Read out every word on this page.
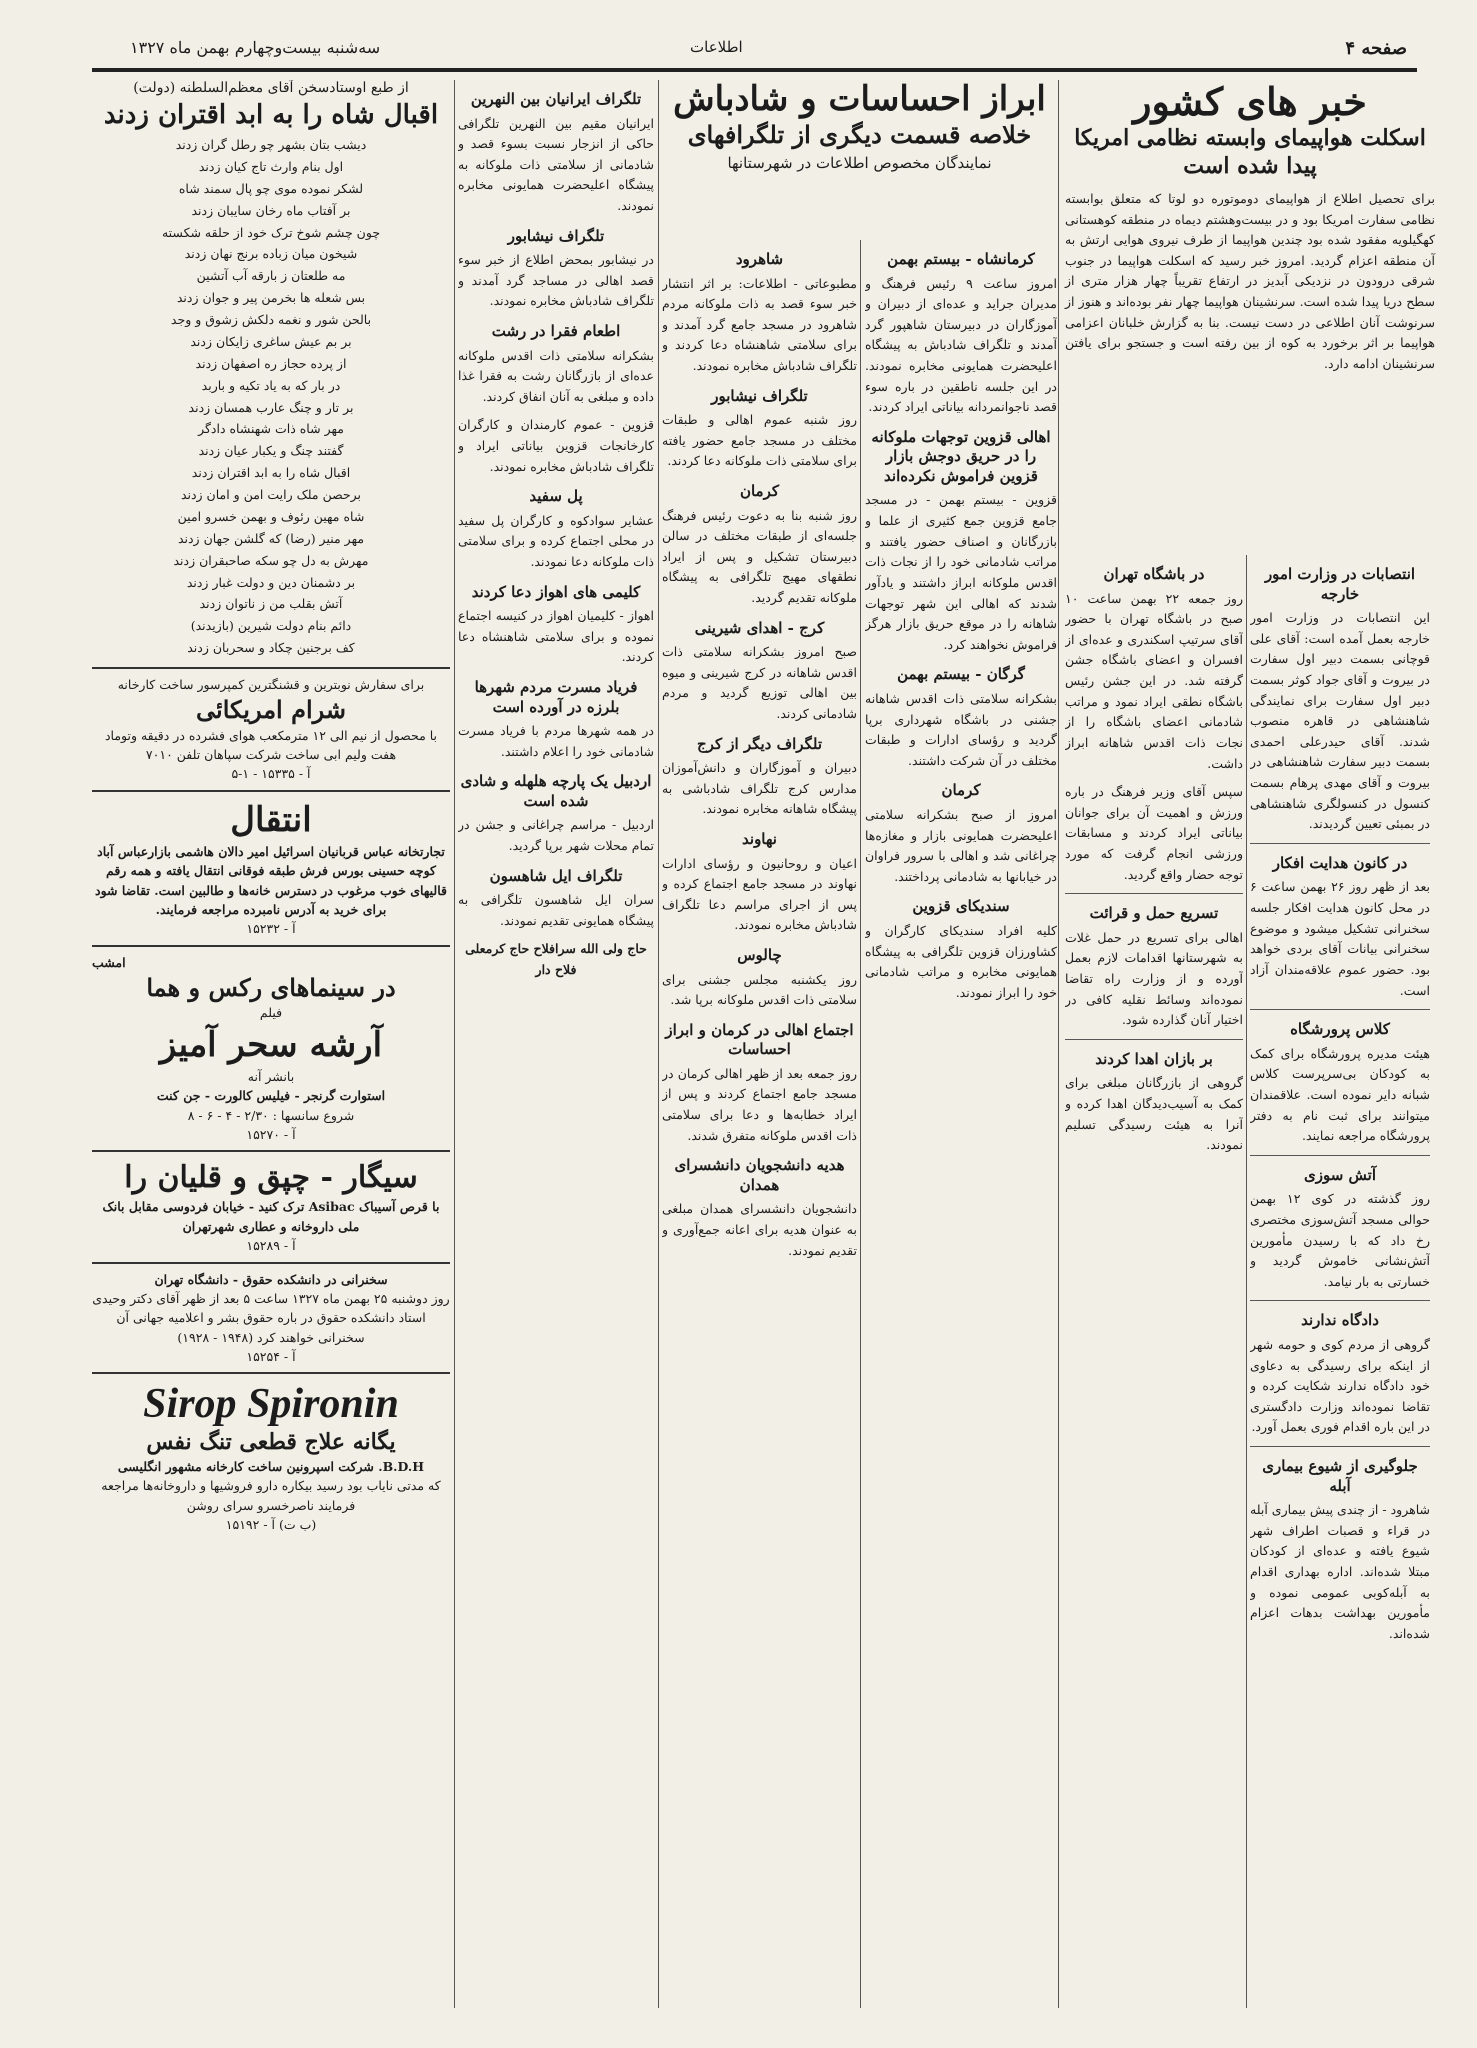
سه‌شنبه بیست‌وچهارم بهمن ماه ۱۳۲۷	اطلاعات	صفحه ۴
خبر های کشور
اسکلت هواپیمای وابسته نظامی امریکا پیدا شده است

برای تحصیل اطلاع از هواپیمای دوموتوره دو لوتا که متعلق بوابسته نظامی سفارت امریکا بود و در بیست‌وهشتم دیماه در منطقه کوهستانی کهگیلویه مفقود شده بود چندین هواپیما از طرف نیروی هوایی ارتش به آن منطقه اعزام گردید. امروز خبر رسید که اسکلت هواپیما در جنوب شرقی درودون در نزدیکی آبدیز در ارتفاع تقریباً چهار هزار متری از سطح دریا پیدا شده است. سرنشینان هواپیما چهار نفر بوده‌اند و هنوز از سرنوشت آنان اطلاعی در دست نیست. بنا به گزارش خلبانان اعزامی هواپیما بر اثر برخورد به کوه از بین رفته است و جستجو برای یافتن سرنشینان ادامه دارد.

ابراز احساسات و شادباش
خلاصه قسمت دیگری از تلگرافهای
نمایندگان مخصوص اطلاعات در شهرستانها
انتصابات در وزارت امور خارجه

این انتصابات در وزارت امور خارجه بعمل آمده است: آقای علی قوچانی بسمت دبیر اول سفارت در بیروت و آقای جواد کوثر بسمت دبیر اول سفارت برای نمایندگی شاهنشاهی در قاهره منصوب شدند. آقای حیدرعلی احمدی بسمت دبیر سفارت شاهنشاهی در بیروت و آقای مهدی پرهام بسمت کنسول در کنسولگری شاهنشاهی در بمبئی تعیین گردیدند.

در کانون هدایت افکار

بعد از ظهر روز ۲۶ بهمن ساعت ۶ در محل کانون هدایت افکار جلسه سخنرانی تشکیل میشود و موضوع سخنرانی بیانات آقای بردی خواهد بود. حضور عموم علاقه‌مندان آزاد است.

کلاس پرورشگاه

هیئت مدیره پرورشگاه برای کمک به کودکان بی‌سرپرست کلاس شبانه دایر نموده است. علاقمندان میتوانند برای ثبت نام به دفتر پرورشگاه مراجعه نمایند.

آتش سوزی

روز گذشته در کوی ۱۲ بهمن حوالی مسجد آتش‌سوزی مختصری رخ داد که با رسیدن مأمورین آتش‌نشانی خاموش گردید و خسارتی به بار نیامد.

دادگاه ندارند

گروهی از مردم کوی و حومه شهر از اینکه برای رسیدگی به دعاوی خود دادگاه ندارند شکایت کرده و تقاضا نموده‌اند وزارت دادگستری در این باره اقدام فوری بعمل آورد.

جلوگیری از شیوع بیماری آبله

شاهرود - از چندی پیش بیماری آبله در قراء و قصبات اطراف شهر شیوع یافته و عده‌ای از کودکان مبتلا شده‌اند. اداره بهداری اقدام به آبله‌کوبی عمومی نموده و مأمورین بهداشت بدهات اعزام شده‌اند.

در باشگاه تهران

روز جمعه ۲۲ بهمن ساعت ۱۰ صبح در باشگاه تهران با حضور آقای سرتیپ اسکندری و عده‌ای از افسران و اعضای باشگاه جشن گرفته شد. در این جشن رئیس باشگاه نطقی ایراد نمود و مراتب شادمانی اعضای باشگاه را از نجات ذات اقدس شاهانه ابراز داشت.

سپس آقای وزیر فرهنگ در باره ورزش و اهمیت آن برای جوانان بیاناتی ایراد کردند و مسابقات ورزشی انجام گرفت که مورد توجه حضار واقع گردید.

تسریع حمل و قرائت

اهالی برای تسریع در حمل غلات به شهرستانها اقدامات لازم بعمل آورده و از وزارت راه تقاضا نموده‌اند وسائط نقلیه کافی در اختیار آنان گذارده شود.

بر بازان اهدا کردند

گروهی از بازرگانان مبلغی برای کمک به آسیب‌دیدگان اهدا کرده و آنرا به هیئت رسیدگی تسلیم نمودند.

کرمانشاه - بیستم بهمن

امروز ساعت ۹ رئیس فرهنگ و مدیران جراید و عده‌ای از دبیران و آموزگاران در دبیرستان شاهپور گرد آمدند و تلگراف شادباش به پیشگاه اعلیحضرت همایونی مخابره نمودند. در این جلسه ناطقین در باره سوء قصد ناجوانمردانه بیاناتی ایراد کردند.

اهالی قزوین توجهات ملوکانه را در حریق دوجش بازار قزوین فراموش نکرده‌اند

قزوین - بیستم بهمن - در مسجد جامع قزوین جمع کثیری از علما و بازرگانان و اصناف حضور یافتند و مراتب شادمانی خود را از نجات ذات اقدس ملوکانه ابراز داشتند و یادآور شدند که اهالی این شهر توجهات شاهانه را در موقع حریق بازار هرگز فراموش نخواهند کرد.

گرگان - بیستم بهمن

بشکرانه سلامتی ذات اقدس شاهانه جشنی در باشگاه شهرداری برپا گردید و رؤسای ادارات و طبقات مختلف در آن شرکت داشتند.

کرمان

امروز از صبح بشکرانه سلامتی اعلیحضرت همایونی بازار و مغازه‌ها چراغانی شد و اهالی با سرور فراوان در خیابانها به شادمانی پرداختند.

سندیکای قزوین

کلیه افراد سندیکای کارگران و کشاورزان قزوین تلگرافی به پیشگاه همایونی مخابره و مراتب شادمانی خود را ابراز نمودند.

شاهرود

مطبوعاتی - اطلاعات: بر اثر انتشار خبر سوء قصد به ذات ملوکانه مردم شاهرود در مسجد جامع گرد آمدند و برای سلامتی شاهنشاه دعا کردند و تلگراف شادباش مخابره نمودند.

تلگراف نیشابور

روز شنبه عموم اهالی و طبقات مختلف در مسجد جامع حضور یافته برای سلامتی ذات ملوکانه دعا کردند.

کرمان

روز شنبه بنا به دعوت رئیس فرهنگ جلسه‌ای از طبقات مختلف در سالن دبیرستان تشکیل و پس از ایراد نطقهای مهیج تلگرافی به پیشگاه ملوکانه تقدیم گردید.

کرج - اهدای شیرینی

صبح امروز بشکرانه سلامتی ذات اقدس شاهانه در کرج شیرینی و میوه بین اهالی توزیع گردید و مردم شادمانی کردند.

تلگراف دیگر از کرج

دبیران و آموزگاران و دانش‌آموزان مدارس کرج تلگراف شادباشی به پیشگاه شاهانه مخابره نمودند.

نهاوند

اعیان و روحانیون و رؤسای ادارات نهاوند در مسجد جامع اجتماع کرده و پس از اجرای مراسم دعا تلگراف شادباش مخابره نمودند.

چالوس

روز یکشنبه مجلس جشنی برای سلامتی ذات اقدس ملوکانه برپا شد.

اجتماع اهالی در کرمان و ابراز احساسات

روز جمعه بعد از ظهر اهالی کرمان در مسجد جامع اجتماع کردند و پس از ایراد خطابه‌ها و دعا برای سلامتی ذات اقدس ملوکانه متفرق شدند.

هدیه دانشجویان دانشسرای همدان

دانشجویان دانشسرای همدان مبلغی به عنوان هدیه برای اعانه جمع‌آوری و تقدیم نمودند.

تلگراف ایرانیان بین النهرین

ایرانیان مقیم بین النهرین تلگرافی حاکی از انزجار نسبت بسوء قصد و شادمانی از سلامتی ذات ملوکانه به پیشگاه اعلیحضرت همایونی مخابره نمودند.

تلگراف نیشابور

در نیشابور بمحض اطلاع از خبر سوء قصد اهالی در مساجد گرد آمدند و تلگراف شادباش مخابره نمودند.

اطعام فقرا در رشت

بشکرانه سلامتی ذات اقدس ملوکانه عده‌ای از بازرگانان رشت به فقرا غذا داده و مبلغی به آنان انفاق کردند.

قزوین - عموم کارمندان و کارگران کارخانجات قزوین بیاناتی ایراد و تلگراف شادباش مخابره نمودند.

پل سفید

عشایر سوادکوه و کارگران پل سفید در محلی اجتماع کرده و برای سلامتی ذات ملوکانه دعا نمودند.

کلیمی های اهواز دعا کردند

اهواز - کلیمیان اهواز در کنیسه اجتماع نموده و برای سلامتی شاهنشاه دعا کردند.

فریاد مسرت مردم شهرها بلرزه در آورده است

در همه شهرها مردم با فریاد مسرت شادمانی خود را اعلام داشتند.

اردبیل یک پارچه هلهله و شادی شده است

اردبیل - مراسم چراغانی و جشن در تمام محلات شهر برپا گردید.

تلگراف ایل شاهسون

سران ایل شاهسون تلگرافی به پیشگاه همایونی تقدیم نمودند.

حاج ولی الله سرافلاح حاج کرمعلی فلاح دار

از طبع اوستادسخن آقای معظم‌السلطنه (دولت)
اقبال شاه را به ابد اقتران زدند

دیشب بتان بشهر چو رطل گران زدند

اول بنام وارث تاج کیان زدند

لشکر نموده موی چو پال سمند شاه

بر آفتاب ماه رخان سایبان زدند

چون چشم شوخ ترک خود از حلقه شکسته

شیخون میان زباده برنج نهان زدند

مه طلعتان ز بارقه آب آتشین

بس شعله ها بخرمن پیر و جوان زدند

بالحن شور و نغمه دلکش زشوق و وجد

بر بم عیش ساغری زایکان زدند

از پرده حجاز ره اصفهان زدند

در بار که به یاد تکیه و باربد

بر تار و چنگ عارب همسان زدند

مهر شاه ذات شهنشاه دادگر

گفتند چنگ و یکبار عیان زدند

اقبال شاه را به ابد اقتران زدند

برحصن ملک رایت امن و امان زدند

شاه مهین رئوف و بهمن خسرو امین

مهر منیر (رضا) که گلشن جهان زدند

مهرش به دل چو سکه صاحبقران زدند

بر دشمنان دین و دولت غبار زدند

آتش بقلب من ز ناتوان زدند

دائم بنام دولت شیرین (بازیدند)

کف برجنین چکاد و سحربان زدند

برای سفارش نوبترین و قشنگترین کمپرسور ساخت کارخانه
شرام امریکائی
با محصول از نیم الی ۱۲ مترمکعب هوای فشرده در دقیقه وتوماد هفت ولیم ابی ساخت شرکت سپاهان تلفن ۷۰۱۰
آ - ۱۵۳۳۵ - ۱-۵
انتقال
تجارتخانه عباس قربانیان اسرائیل امیر دالان هاشمی بازارعباس آباد کوچه حسینی بورس فرش طبقه فوقانی انتقال یافته و همه رقم قالیهای خوب مرغوب در دسترس خانه‌ها و طالبین است. تقاضا شود برای خرید به آدرس نامبرده مراجعه فرمایند.
آ - ۱۵۲۳۲
امشب
در سینماهای رکس و هما
فیلم
آرشه سحر آمیز
بانشر آنه
استوارت گرنجر - فیلیس کالورت - جن کنت
شروع سانسها : ۲/۳۰ - ۴ - ۶ - ۸
آ - ۱۵۲۷۰
سیگار - چپق و قلیان را
با قرص آسیباک Asibac ترک کنید - خیابان فردوسی مقابل بانک ملی داروخانه و عطاری شهرتهران
آ - ۱۵۲۸۹
سخنرانی در دانشکده حقوق - دانشگاه تهران
روز دوشنبه ۲۵ بهمن ماه ۱۳۲۷ ساعت ۵ بعد از ظهر آقای دکتر وحیدی استاد دانشکده حقوق در باره حقوق بشر و اعلامیه جهانی آن سخنرانی خواهند کرد (۱۹۴۸ - ۱۹۲۸)
آ - ۱۵۲۵۴
Sirop Spironin
یگانه علاج قطعی تنگ نفس
B.D.H. شرکت اسپرونین ساخت کارخانه مشهور انگلیسی
که مدتی نایاب بود رسید بیکاره دارو فروشیها و داروخانه‌ها مراجعه فرمایند ناصرخسرو سرای روشن
(ب ت) آ - ۱۵۱۹۲
